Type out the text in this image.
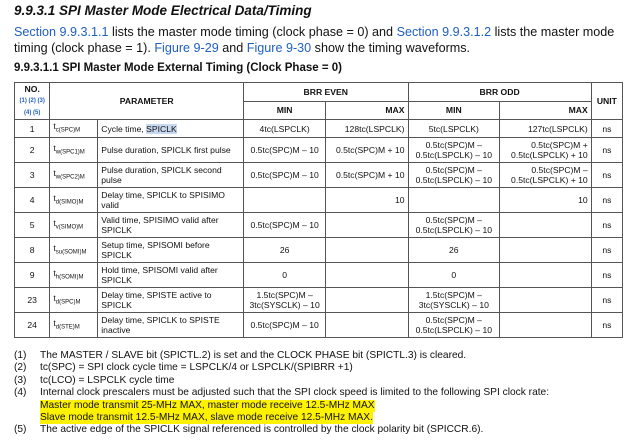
9.9.3.1 SPI Master Mode Electrical Data/Timing
Section 9.9.3.1.1 lists the master mode timing (clock phase = 0) and Section 9.9.3.1.2 lists the master mode timing (clock phase = 1). Figure 9-29 and Figure 9-30 show the timing waveforms.
9.9.3.1.1 SPI Master Mode External Timing (Clock Phase = 0)
NO.
(1) (2) (3) (4) (5)	PARAMETER		BRR EVEN		BRR ODD		UNIT
			MIN	MAX	MIN	MAX	
1	$t_{c(SPC)M}$	Cycle time, SPICLK	4tc(LSPCLK)	128tc(LSPCLK)	5tc(LSPCLK)	127tc(LSPCLK)	ns
2	$t_{w(SPC1)M}$	Pulse duration, SPICLK first pulse	0.5tc(SPC)M – 10	0.5tc(SPC)M + 10	0.5tc(SPC)M – 0.5tc(LSPCLK) – 10	0.5tc(SPC)M + 0.5tc(LSPCLK) + 10	ns
3	$t_{w(SPC2)M}$	Pulse duration, SPICLK second pulse	0.5tc(SPC)M – 10	0.5tc(SPC)M + 10	0.5tc(SPC)M – 0.5tc(LSPCLK) – 10	0.5tc(SPC)M – 0.5tc(LSPCLK) + 10	ns
4	$t_{d(SIMO)M}$	Delay time, SPICLK to SPISIMO valid		10		10	ns
5	$t_{v(SIMO)M}$	Valid time, SPISIMO valid after SPICLK	0.5tc(SPC)M – 10		0.5tc(SPC)M – 0.5tc(LSPCLK) – 10		ns
8	$t_{su(SOMI)M}$	Setup time, SPISOMI before SPICLK	26		26		ns
9	$t_{h(SOMI)M}$	Hold time, SPISOMI valid after SPICLK	0		0		ns
23	$t_{d(SPC)M}$	Delay time, SPISTE active to SPICLK	1.5tc(SPC)M – 3tc(SYSCLK) – 10		1.5tc(SPC)M – 3tc(SYSCLK) – 10		ns
24	$t_{d(STE)M}$	Delay time, SPICLK to SPISTE inactive	0.5tc(SPC)M – 10		0.5tc(SPC)M – 0.5tc(LSPCLK) – 10		ns
(1)	The MASTER / SLAVE bit (SPICTL.2) is set and the CLOCK PHASE bit (SPICTL.3) is cleared.
(2)	tc(SPC) = SPI clock cycle time = LSPCLK/4 or LSPCLK/(SPIBRR +1)
(3)	tc(LCO) = LSPCLK cycle time
(4)	Internal clock prescalers must be adjusted such that the SPI clock speed is limited to the following SPI clock rate:
Master mode transmit 25-MHz MAX, master mode receive 12.5-MHz MAX
Slave mode transmit 12.5-MHz MAX, slave mode receive 12.5-MHz MAX.
(5)	The active edge of the SPICLK signal referenced is controlled by the clock polarity bit (SPICCR.6).
